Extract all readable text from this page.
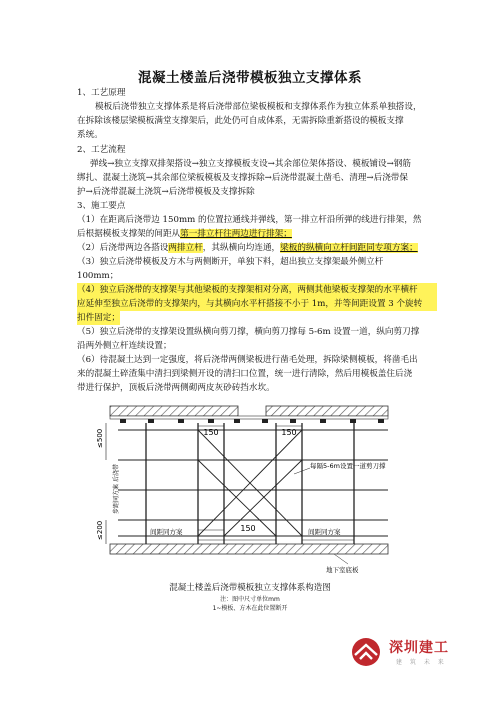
混凝土楼盖后浇带模板独立支撑体系
1、工艺原理
模板后浇带独立支撑体系是将后浇带部位梁板模板和支撑体系作为独立体系单独搭设，
在拆除该楼层梁模板满堂支撑架后，此处仍可自成体系，无需拆除重新搭设的模板支撑
系统。
2、工艺流程
弹线→独立支撑双排架搭设→独立支撑模板支设→其余部位架体搭设、模板铺设→钢筋
绑扎、混凝土浇筑→其余部位梁板模板及支撑拆除→后浇带混凝土凿毛、清理→后浇带保
护→后浇带混凝土浇筑→后浇带模板及支撑拆除
3、施工要点
（1）在距离后浇带边 150mm 的位置拉通线并弹线，第一排立杆沿所弹的线进行排架，然
后根据模板支撑架的间距从第一排立杆往两边进行排架；
（2）后浇带两边各搭设两排立杆，其纵横向均连通，梁板的纵横向立杆间距同专项方案；
（3）独立后浇带模板及方木与两侧断开，单独下料，超出独立支撑架最外侧立杆
100mm；
（4）独立后浇带的支撑架与其他梁板的支撑架相对分离，两侧其他梁板支撑架的水平横杆
应延伸至独立后浇带的支撑架内，与其横向水平杆搭接不小于 1m，并等间距设置 3 个旋转
扣件固定；
（5）独立后浇带的支撑架设置纵横向剪刀撑，横向剪刀撑每 5-6m 设置一道，纵向剪刀撑
沿两外侧立杆连续设置；
（6）待混凝土达到一定强度，将后浇带两侧梁板进行凿毛处理，拆除梁侧模板，将凿毛出
来的混凝土碎渣集中清扫到梁侧开设的清扫口位置，统一进行清除，然后用模板盖住后浇
带进行保护，顶板后浇带两侧砌两皮灰砂砖挡水坎。
150	150
150
≤500
≤200
后浇带
步距同方案
每隔5-6m设置一道剪刀撑
间距同方案	间距同方案
地下室底板
混凝土楼盖后浇带模板独立支撑体系构造图
注：图中尺寸单位mm
1~模板、方木在此位置断开
深圳建工
建 筑 未 来
